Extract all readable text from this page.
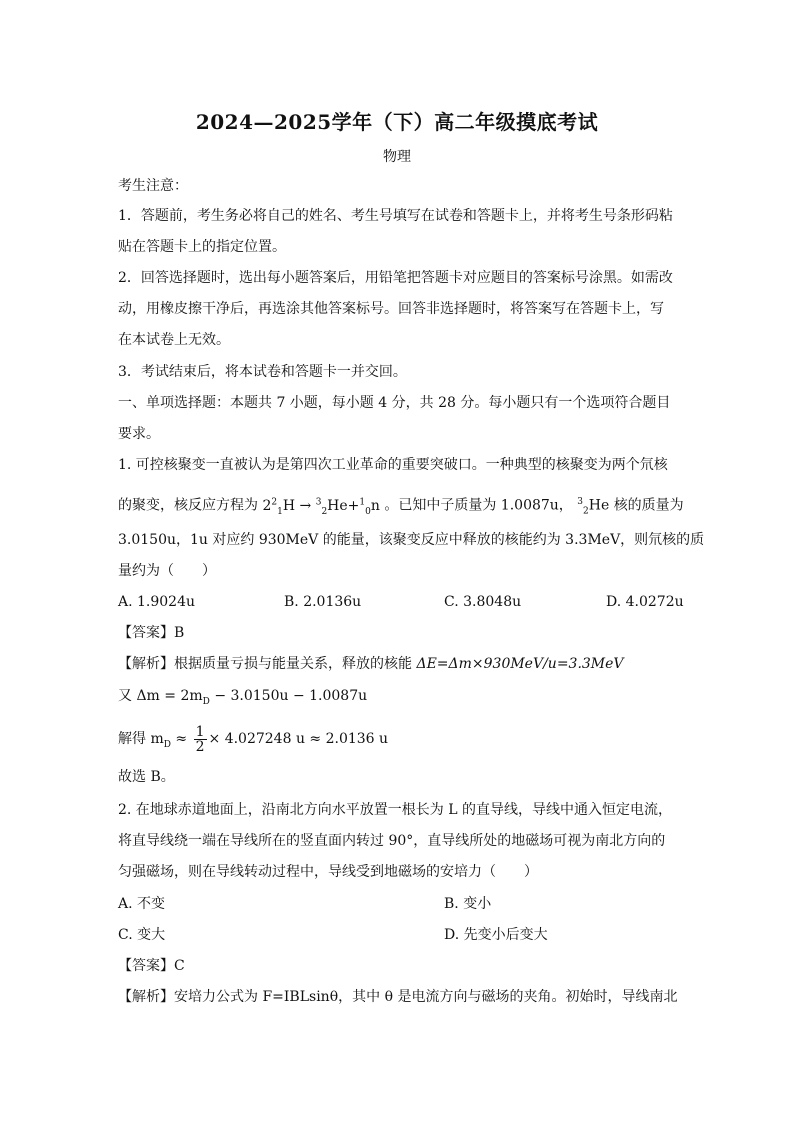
2024—2025学年（下）高二年级摸底考试
物理
考生注意：
1．答题前，考生务必将自己的姓名、考生号填写在试卷和答题卡上，并将考生号条形码粘
贴在答题卡上的指定位置。
2．回答选择题时，选出每小题答案后，用铅笔把答题卡对应题目的答案标号涂黑。如需改
动，用橡皮擦干净后，再选涂其他答案标号。回答非选择题时，将答案写在答题卡上，写
在本试卷上无效。
3．考试结束后，将本试卷和答题卡一并交回。
一、单项选择题：本题共 7 小题，每小题 4 分，共 28 分。每小题只有一个选项符合题目
要求。
1. 可控核聚变一直被认为是第四次工业革命的重要突破口。一种典型的核聚变为两个氘核
的聚变，核反应方程为 $2^2_1H \to ^3_2He+^1_0n$ 。已知中子质量为 1.0087u， $^3_2$He 核的质量为
3.0150u，1u 对应约 930MeV 的能量，该聚变反应中释放的核能约为 3.3MeV，则氘核的质
量约为（　　）
A. 1.9024u	B. 2.0136u	C. 3.8048u	D. 4.0272u
【答案】B
【解析】根据质量亏损与能量关系，释放的核能 ΔE=Δm×930MeV/u=3.3MeV
又 $\Delta m = 2m_D - 3.0150u - 1.0087u$
解得 $m_D \approx \frac{1}{2} \times 4.027248$ u ≈ 2.0136 u
故选 B。
2. 在地球赤道地面上，沿南北方向水平放置一根长为 L 的直导线，导线中通入恒定电流，
将直导线绕一端在导线所在的竖直面内转过 90°，直导线所处的地磁场可视为南北方向的
匀强磁场，则在导线转动过程中，导线受到地磁场的安培力（　　）
A. 不变	B. 变小
C. 变大	D. 先变小后变大
【答案】C
【解析】安培力公式为 F=IBLsinθ，其中 θ 是电流方向与磁场的夹角。初始时，导线南北
